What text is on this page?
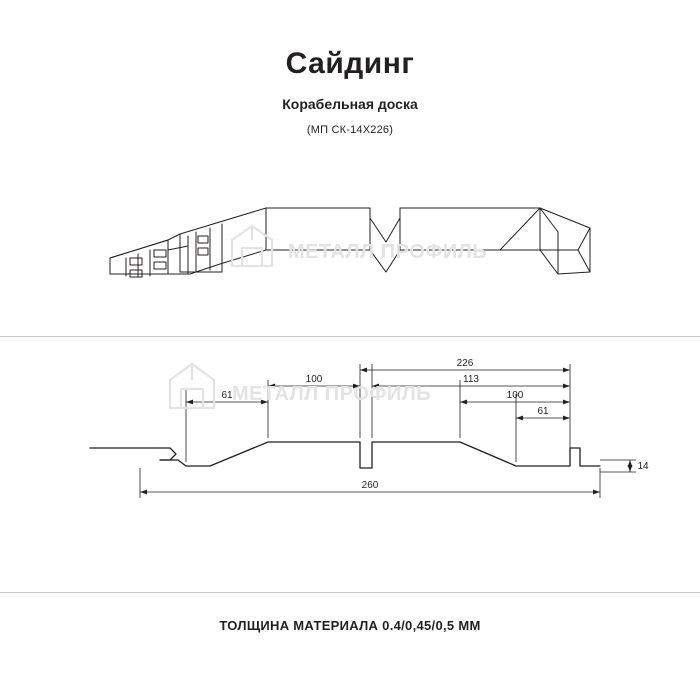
Сайдинг
Корабельная доска
(МП СК-14Х226)
МЕТАЛЛ ПРОФИЛЬ
226
100	113
61	100
61
14
260
МЕТАЛЛ ПРОФИЛЬ
ТОЛЩИНА МАТЕРИАЛА 0.4/0,45/0,5 ММ
